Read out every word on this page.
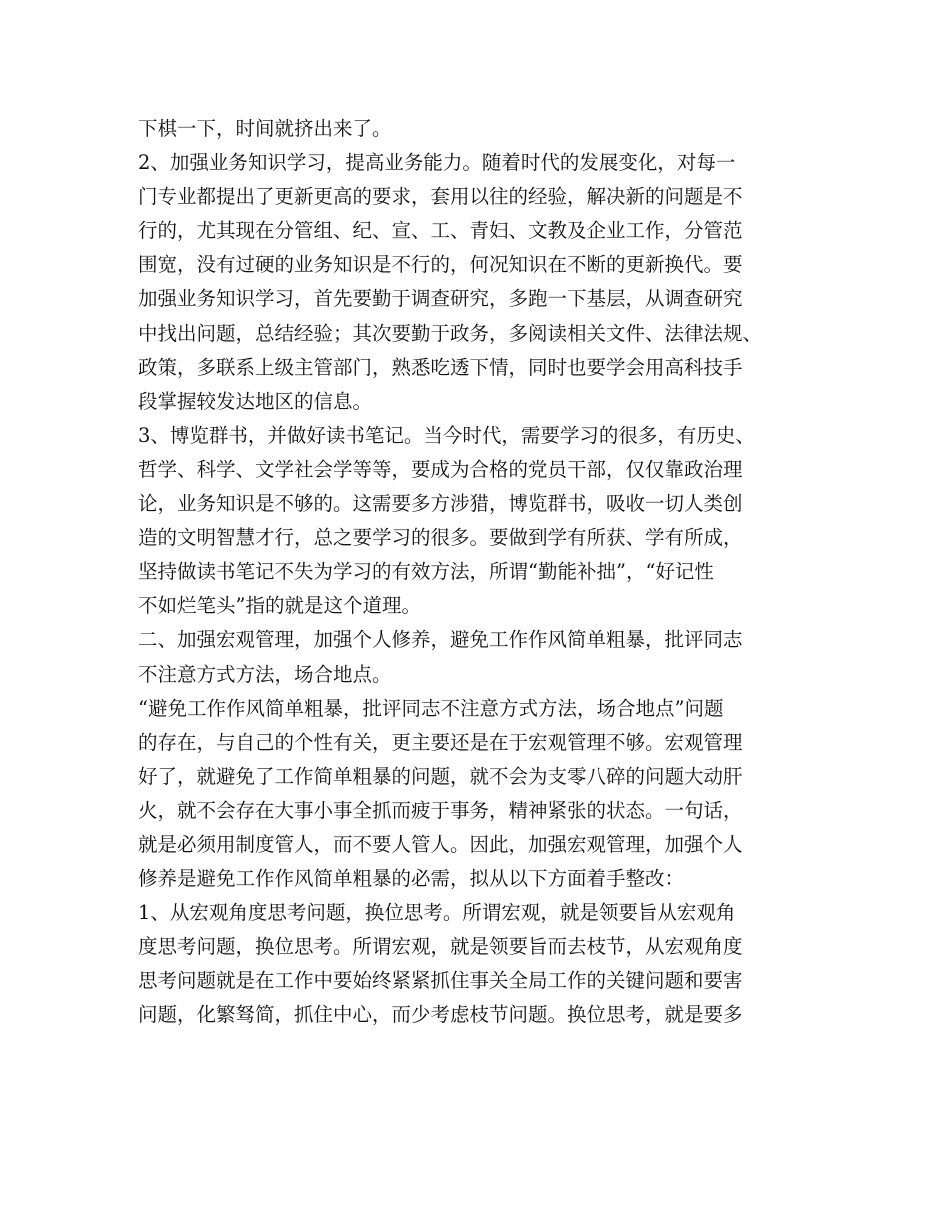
下棋一下，时间就挤出来了。
2、加强业务知识学习，提高业务能力。随着时代的发展变化，对每一
门专业都提出了更新更高的要求，套用以往的经验，解决新的问题是不
行的，尤其现在分管组、纪、宣、工、青妇、文教及企业工作，分管范
围宽，没有过硬的业务知识是不行的，何况知识在不断的更新换代。要
加强业务知识学习，首先要勤于调查研究，多跑一下基层，从调查研究
中找出问题，总结经验；其次要勤于政务，多阅读相关文件、法律法规、
政策，多联系上级主管部门，熟悉吃透下情，同时也要学会用高科技手
段掌握较发达地区的信息。
3、博览群书，并做好读书笔记。当今时代，需要学习的很多，有历史、
哲学、科学、文学社会学等等，要成为合格的党员干部，仅仅靠政治理
论，业务知识是不够的。这需要多方涉猎，博览群书，吸收一切人类创
造的文明智慧才行，总之要学习的很多。要做到学有所获、学有所成，
坚持做读书笔记不失为学习的有效方法，所谓“勤能补拙”，“好记性
不如烂笔头”指的就是这个道理。
二、加强宏观管理，加强个人修养，避免工作作风简单粗暴，批评同志
不注意方式方法，场合地点。
“避免工作作风简单粗暴，批评同志不注意方式方法，场合地点”问题
的存在，与自己的个性有关，更主要还是在于宏观管理不够。宏观管理
好了，就避免了工作简单粗暴的问题，就不会为支零八碎的问题大动肝
火，就不会存在大事小事全抓而疲于事务，精神紧张的状态。一句话，
就是必须用制度管人，而不要人管人。因此，加强宏观管理，加强个人
修养是避免工作作风简单粗暴的必需，拟从以下方面着手整改：
1、从宏观角度思考问题，换位思考。所谓宏观，就是领要旨从宏观角
度思考问题，换位思考。所谓宏观，就是领要旨而去枝节，从宏观角度
思考问题就是在工作中要始终紧紧抓住事关全局工作的关键问题和要害
问题，化繁驽简，抓住中心，而少考虑枝节问题。换位思考，就是要多
